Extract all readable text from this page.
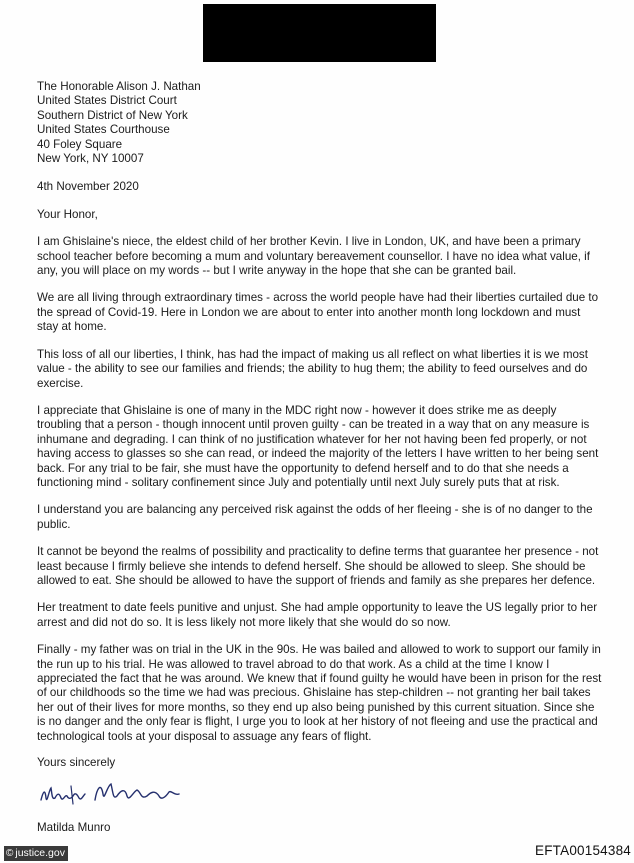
The Honorable Alison J. Nathan
United States District Court
Southern District of New York
United States Courthouse
40 Foley Square
New York, NY 10007
4th November 2020
Your Honor,

I am Ghislaine's niece, the eldest child of her brother Kevin. I live in London, UK, and have been a primary school teacher before becoming a mum and voluntary bereavement counsellor. I have no idea what value, if any, you will place on my words -- but I write anyway in the hope that she can be granted bail.

We are all living through extraordinary times - across the world people have had their liberties curtailed due to the spread of Covid-19. Here in London we are about to enter into another month long lockdown and must stay at home.

This loss of all our liberties, I think, has had the impact of making us all reflect on what liberties it is we most value - the ability to see our families and friends; the ability to hug them; the ability to feed ourselves and do exercise.

I appreciate that Ghislaine is one of many in the MDC right now - however it does strike me as deeply troubling that a person - though innocent until proven guilty - can be treated in a way that on any measure is inhumane and degrading. I can think of no justification whatever for her not having been fed properly, or not having access to glasses so she can read, or indeed the majority of the letters I have written to her being sent back. For any trial to be fair, she must have the opportunity to defend herself and to do that she needs a functioning mind - solitary confinement since July and potentially until next July surely puts that at risk.

I understand you are balancing any perceived risk against the odds of her fleeing - she is of no danger to the public.

It cannot be beyond the realms of possibility and practicality to define terms that guarantee her presence - not least because I firmly believe she intends to defend herself. She should be allowed to sleep. She should be allowed to eat. She should be allowed to have the support of friends and family as she prepares her defence.

Her treatment to date feels punitive and unjust. She had ample opportunity to leave the US legally prior to her arrest and did not do so. It is less likely not more likely that she would do so now.

Finally - my father was on trial in the UK in the 90s. He was bailed and allowed to work to support our family in the run up to his trial. He was allowed to travel abroad to do that work. As a child at the time I know I appreciated the fact that he was around. We knew that if found guilty he would have been in prison for the rest of our childhoods so the time we had was precious. Ghislaine has step-children -- not granting her bail takes her out of their lives for more months, so they end up also being punished by this current situation. Since she is no danger and the only fear is flight, I urge you to look at her history of not fleeing and use the practical and technological tools at your disposal to assuage any fears of flight.

Yours sincerely
Matilda Munro
© justice.gov	EFTA00154384
